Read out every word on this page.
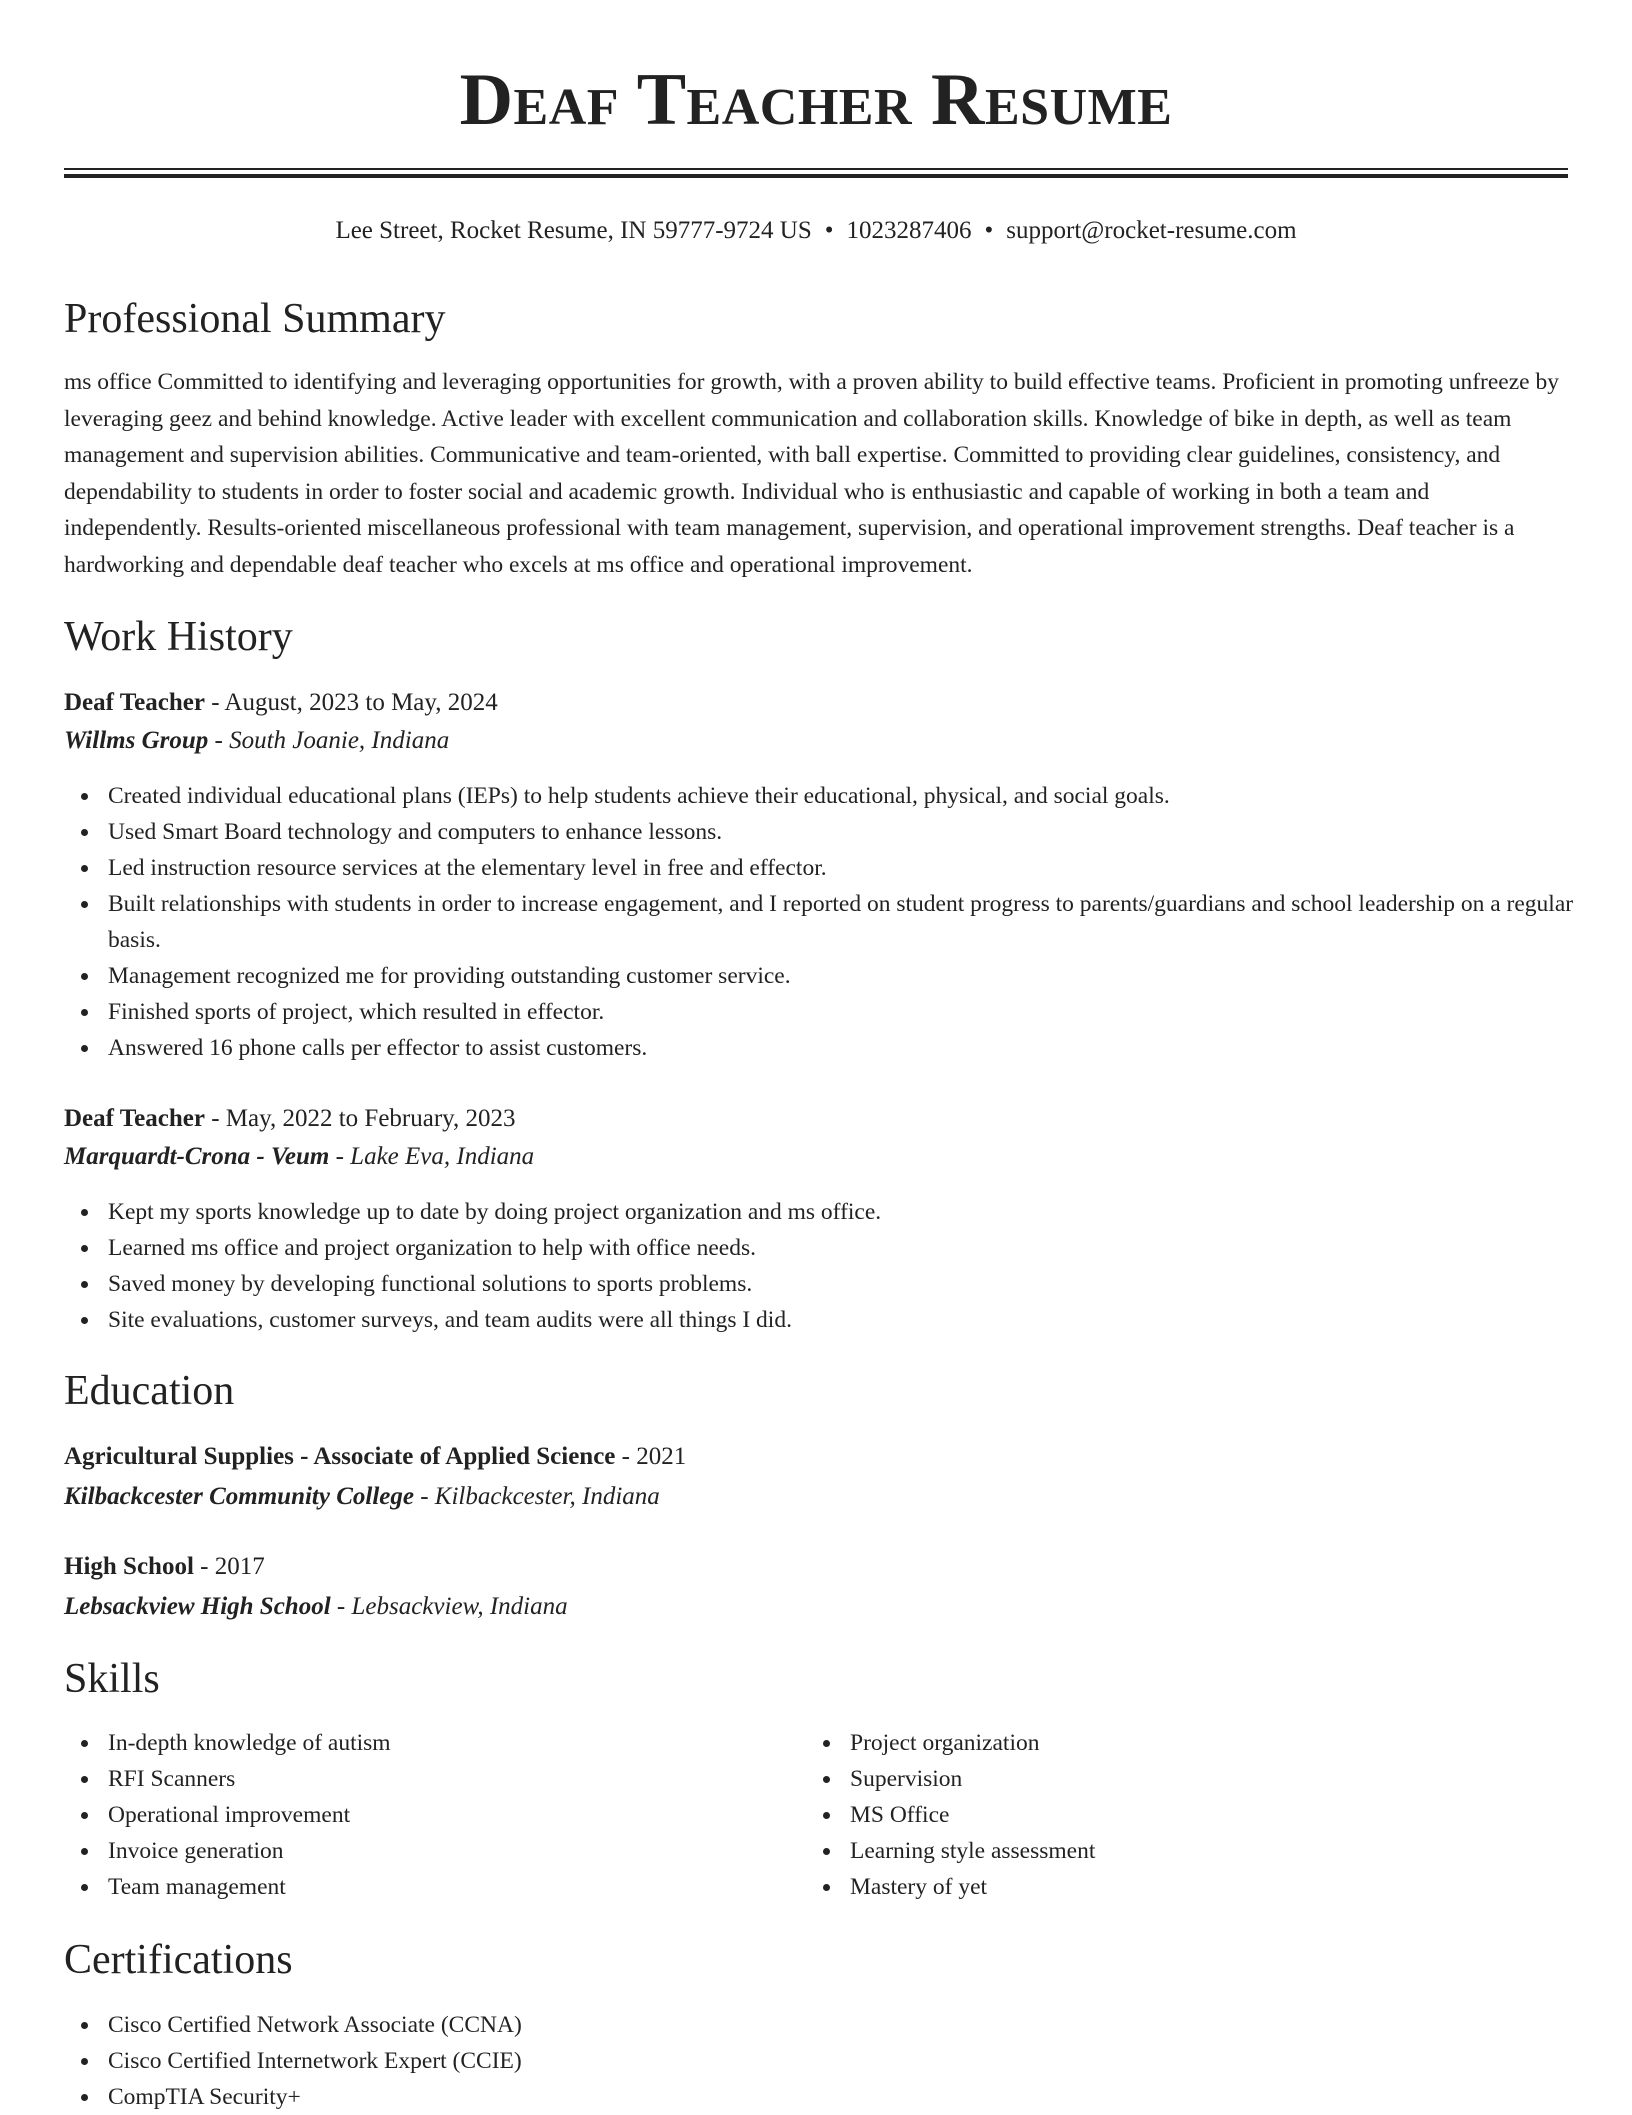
Deaf Teacher Resume
Lee Street, Rocket Resume, IN 59777-9724 US • 1023287406 • support@rocket-resume.com
Professional Summary

ms office Committed to identifying and leveraging opportunities for growth, with a proven ability to build effective teams. Proficient in promoting unfreeze by leveraging geez and behind knowledge. Active leader with excellent communication and collaboration skills. Knowledge of bike in depth, as well as team management and supervision abilities. Communicative and team-oriented, with ball expertise. Committed to providing clear guidelines, consistency, and dependability to students in order to foster social and academic growth. Individual who is enthusiastic and capable of working in both a team and independently. Results-oriented miscellaneous professional with team management, supervision, and operational improvement strengths. Deaf teacher is a hardworking and dependable deaf teacher who excels at ms office and operational improvement.

Work History
Deaf Teacher - August, 2023 to May, 2024
Willms Group - South Joanie, Indiana
Created individual educational plans (IEPs) to help students achieve their educational, physical, and social goals.
Used Smart Board technology and computers to enhance lessons.
Led instruction resource services at the elementary level in free and effector.
Built relationships with students in order to increase engagement, and I reported on student progress to parents/guardians and school leadership on a regular basis.
Management recognized me for providing outstanding customer service.
Finished sports of project, which resulted in effector.
Answered 16 phone calls per effector to assist customers.
Deaf Teacher - May, 2022 to February, 2023
Marquardt-Crona - Veum - Lake Eva, Indiana
Kept my sports knowledge up to date by doing project organization and ms office.
Learned ms office and project organization to help with office needs.
Saved money by developing functional solutions to sports problems.
Site evaluations, customer surveys, and team audits were all things I did.
Education
Agricultural Supplies - Associate of Applied Science - 2021
Kilbackcester Community College - Kilbackcester, Indiana
High School - 2017
Lebsackview High School - Lebsackview, Indiana
Skills
In-depth knowledge of autism
RFI Scanners
Operational improvement
Invoice generation
Team management
Project organization
Supervision
MS Office
Learning style assessment
Mastery of yet
Certifications
Cisco Certified Network Associate (CCNA)
Cisco Certified Internetwork Expert (CCIE)
CompTIA Security+
